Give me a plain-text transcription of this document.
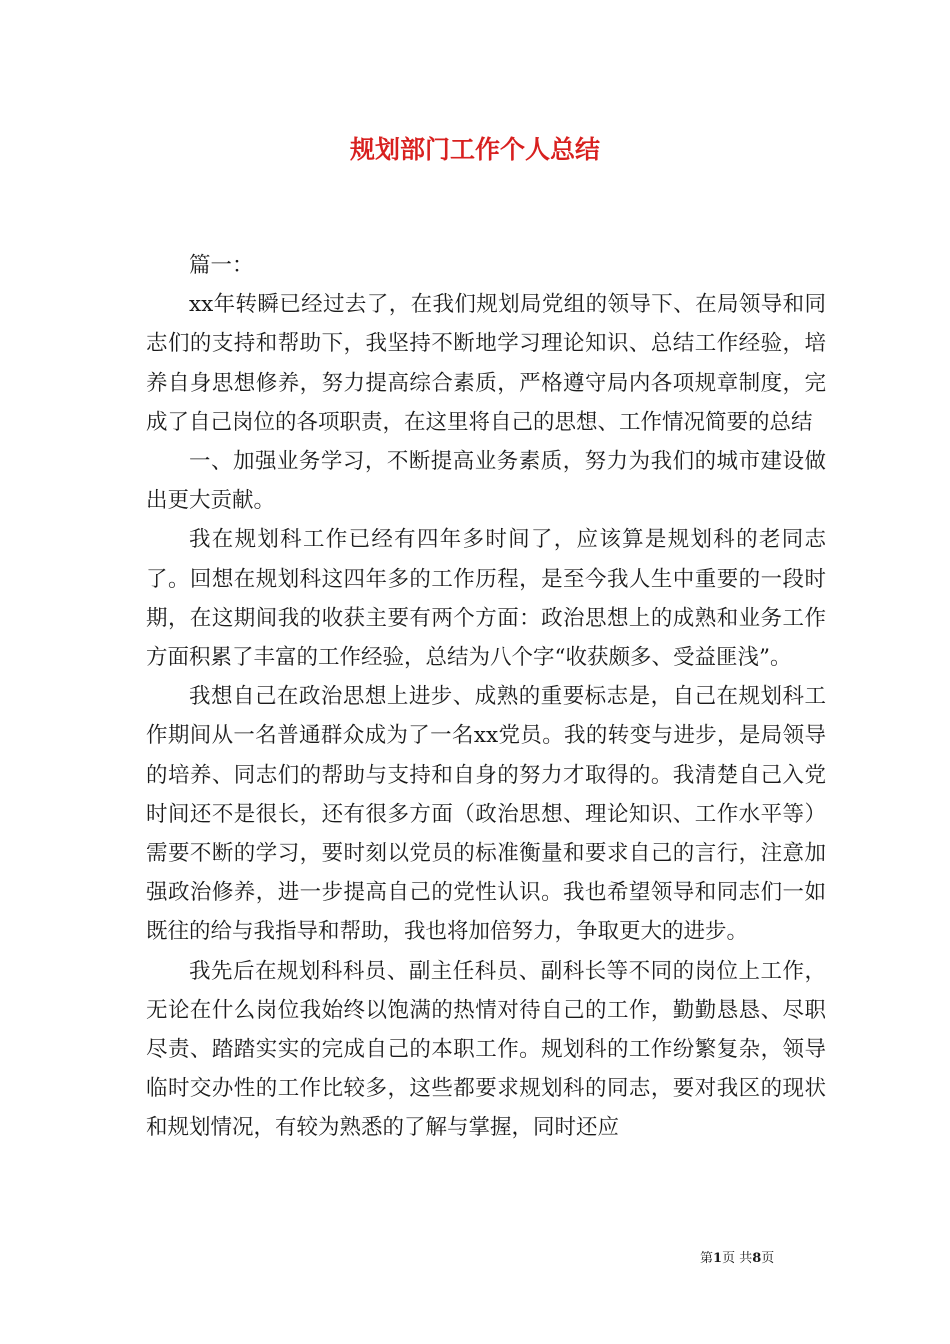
规划部门工作个人总结

篇一：

xx年转瞬已经过去了，在我们规划局党组的领导下、在局领导和同志们的支持和帮助下，我坚持不断地学习理论知识、总结工作经验，培养自身思想修养，努力提高综合素质，严格遵守局内各项规章制度，完成了自己岗位的各项职责，在这里将自己的思想、工作情况简要的总结

一、加强业务学习，不断提高业务素质，努力为我们的城市建设做出更大贡献。

我在规划科工作已经有四年多时间了，应该算是规划科的老同志了。回想在规划科这四年多的工作历程，是至今我人生中重要的一段时期，在这期间我的收获主要有两个方面：政治思想上的成熟和业务工作方面积累了丰富的工作经验，总结为八个字“收获颇多、受益匪浅”。

我想自己在政治思想上进步、成熟的重要标志是，自己在规划科工作期间从一名普通群众成为了一名xx党员。我的转变与进步，是局领导的培养、同志们的帮助与支持和自身的努力才取得的。我清楚自己入党时间还不是很长，还有很多方面（政治思想、理论知识、工作水平等）需要不断的学习，要时刻以党员的标准衡量和要求自己的言行，注意加强政治修养，进一步提高自己的党性认识。我也希望领导和同志们一如既往的给与我指导和帮助，我也将加倍努力，争取更大的进步。

我先后在规划科科员、副主任科员、副科长等不同的岗位上工作，无论在什么岗位我始终以饱满的热情对待自己的工作，勤勤恳恳、尽职尽责、踏踏实实的完成自己的本职工作。规划科的工作纷繁复杂，领导临时交办性的工作比较多，这些都要求规划科的同志，要对我区的现状和规划情况，有较为熟悉的了解与掌握，同时还应

第1页 共8页
